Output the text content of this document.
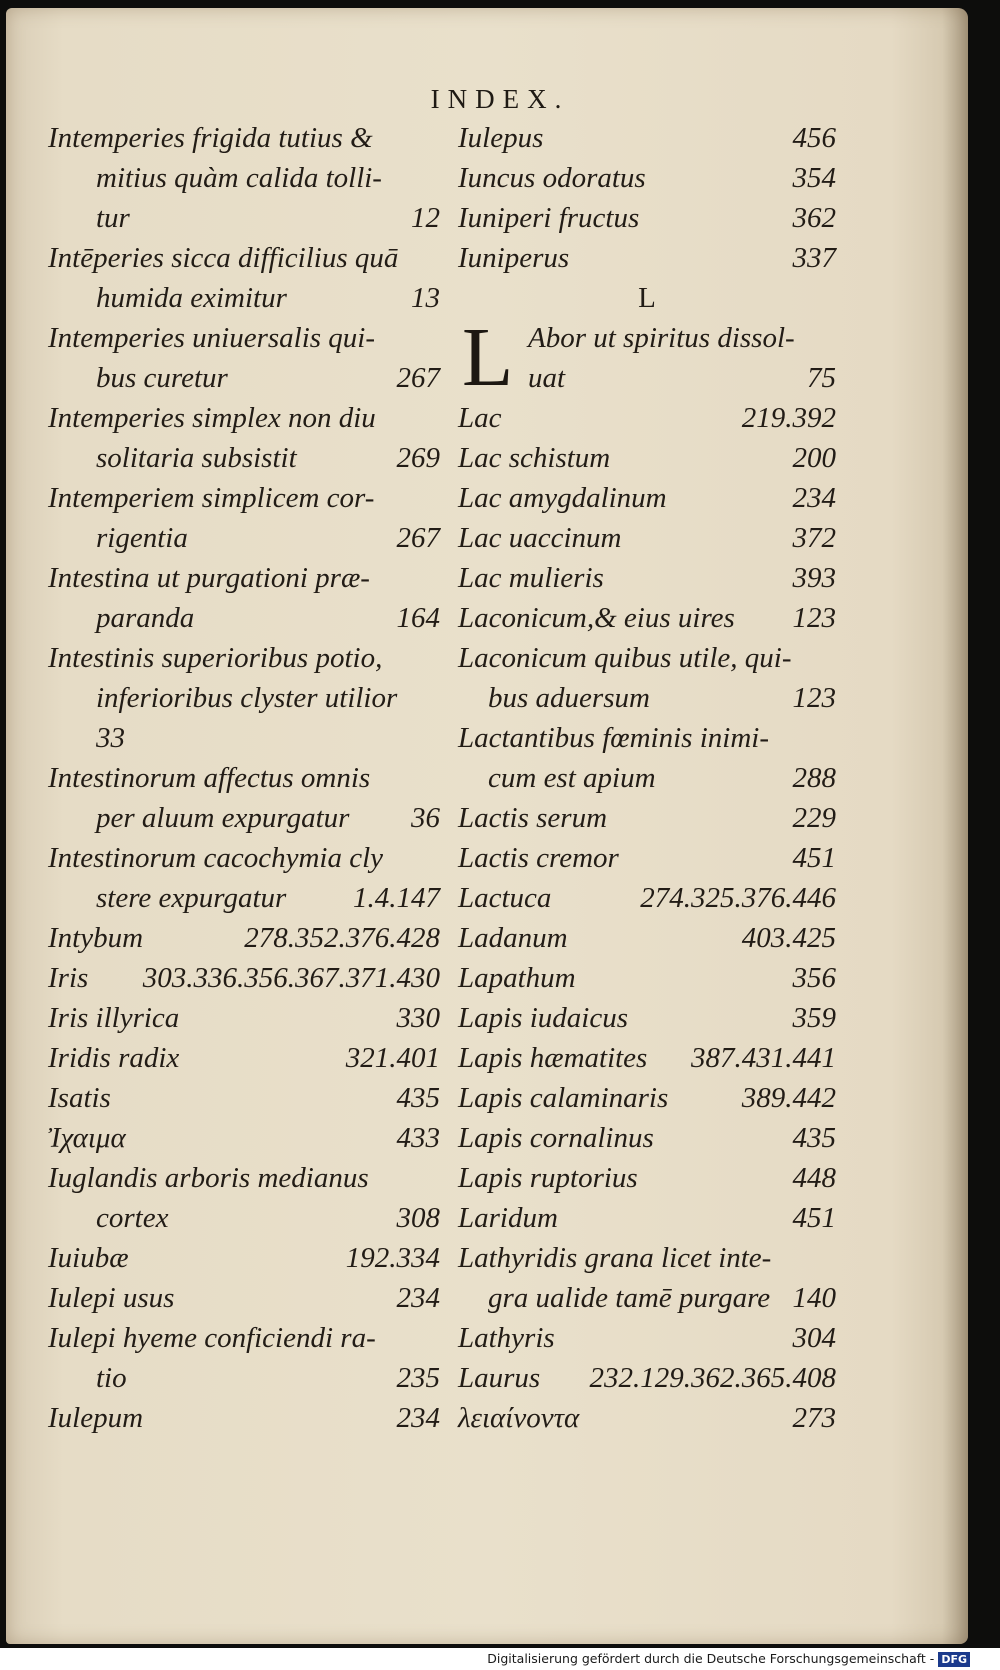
INDEX.
Intemperies frigida tutius &
mitius quàm calida tolli-
tur	12
Intēperies sicca difficilius quā
humida eximitur	13
Intemperies uniuersalis qui-
bus curetur	267
Intemperies simplex non diu
solitaria subsistit	269
Intemperiem simplicem cor-
rigentia	267
Intestina ut purgationi præ-
paranda	164
Intestinis superioribus potio,
inferioribus clyster utilior
33
Intestinorum affectus omnis
per aluum expurgatur 36
Intestinorum cacochymia cly
stere expurgatur 1.4.147
Intybum	278.352.376.428
Iris 303.336.356.367.371.430
Iris illyrica	330
Iridis radix	321.401
Isatis	435
Ἰχαιμα	433
Iuglandis arboris medianus
cortex	308
Iuiubæ	192.334
Iulepi usus	234
Iulepi hyeme conficiendi ra-
tio	235
Iulepum	234
Iulepus	456
Iuncus odoratus	354
Iuniperi fructus	362
Iuniperus	337
L
L Abor ut spiritus dissol-
uat	75
Lac	219.392
Lac schistum	200
Lac amygdalinum	234
Lac uaccinum	372
Lac mulieris	393
Laconicum,& eius uires 123
Laconicum quibus utile, qui-
bus aduersum	123
Lactantibus fœminis inimi-
cum est apium	288
Lactis serum	229
Lactis cremor	451
Lactuca	274.325.376.446
Ladanum	403.425
Lapathum	356
Lapis iudaicus	359
Lapis hæmatites 387.431.441
Lapis calaminaris	389.442
Lapis cornalinus	435
Lapis ruptorius	448
Laridum	451
Lathyridis grana licet inte-
gra ualide tamē purgare 140
Lathyris	304
Laurus 232.129.362.365.408
λειαίνοντα	273
Digitalisierung gefördert durch die Deutsche Forschungsgemeinschaft - DFG
